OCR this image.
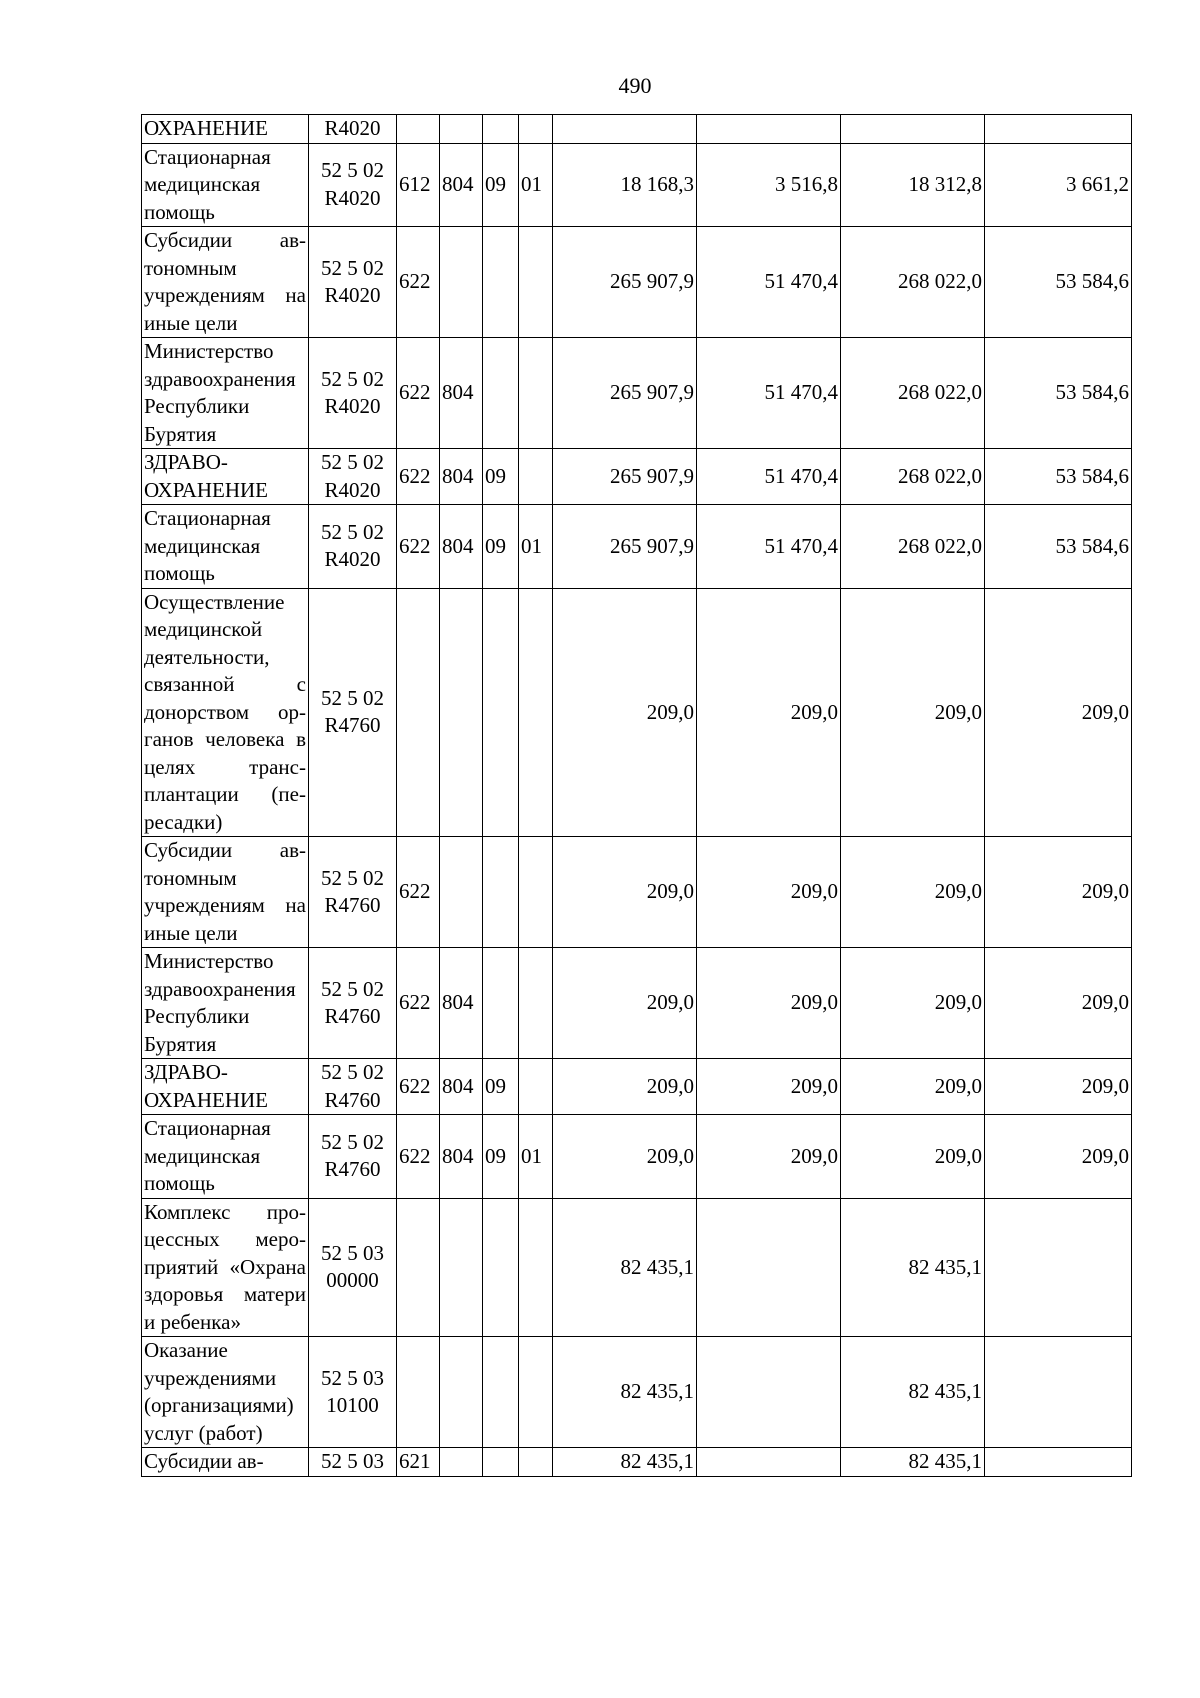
490
ОХРАНЕНИЕ	R4020								
Стационарная медицинская помощь	52 5 02 R4020	612	804	09	01	18 168,3	3 516,8	18 312,8	3 661,2
Субсидии автономным учреждениям на иные цели	52 5 02 R4020	622				265 907,9	51 470,4	268 022,0	53 584,6
Министерство здравоохранения Республики Бурятия	52 5 02 R4020	622	804			265 907,9	51 470,4	268 022,0	53 584,6
ЗДРАВООХРАНЕНИЕ	52 5 02 R4020	622	804	09		265 907,9	51 470,4	268 022,0	53 584,6
Стационарная медицинская помощь	52 5 02 R4020	622	804	09	01	265 907,9	51 470,4	268 022,0	53 584,6
Осуществление медицинской деятельности, связанной с донорством органов человека в целях трансплантации (пересадки)	52 5 02 R4760					209,0	209,0	209,0	209,0
Субсидии автономным учреждениям на иные цели	52 5 02 R4760	622				209,0	209,0	209,0	209,0
Министерство здравоохранения Республики Бурятия	52 5 02 R4760	622	804			209,0	209,0	209,0	209,0
ЗДРАВООХРАНЕНИЕ	52 5 02 R4760	622	804	09		209,0	209,0	209,0	209,0
Стационарная медицинская помощь	52 5 02 R4760	622	804	09	01	209,0	209,0	209,0	209,0
Комплекс процессных мероприятий «Охрана здоровья матери и ребенка»	52 5 03 00000					82 435,1		82 435,1	
Оказание учреждениями (организациями) услуг (работ)	52 5 03 10100					82 435,1		82 435,1	
Субсидии ав-	52 5 03	621				82 435,1		82 435,1	
